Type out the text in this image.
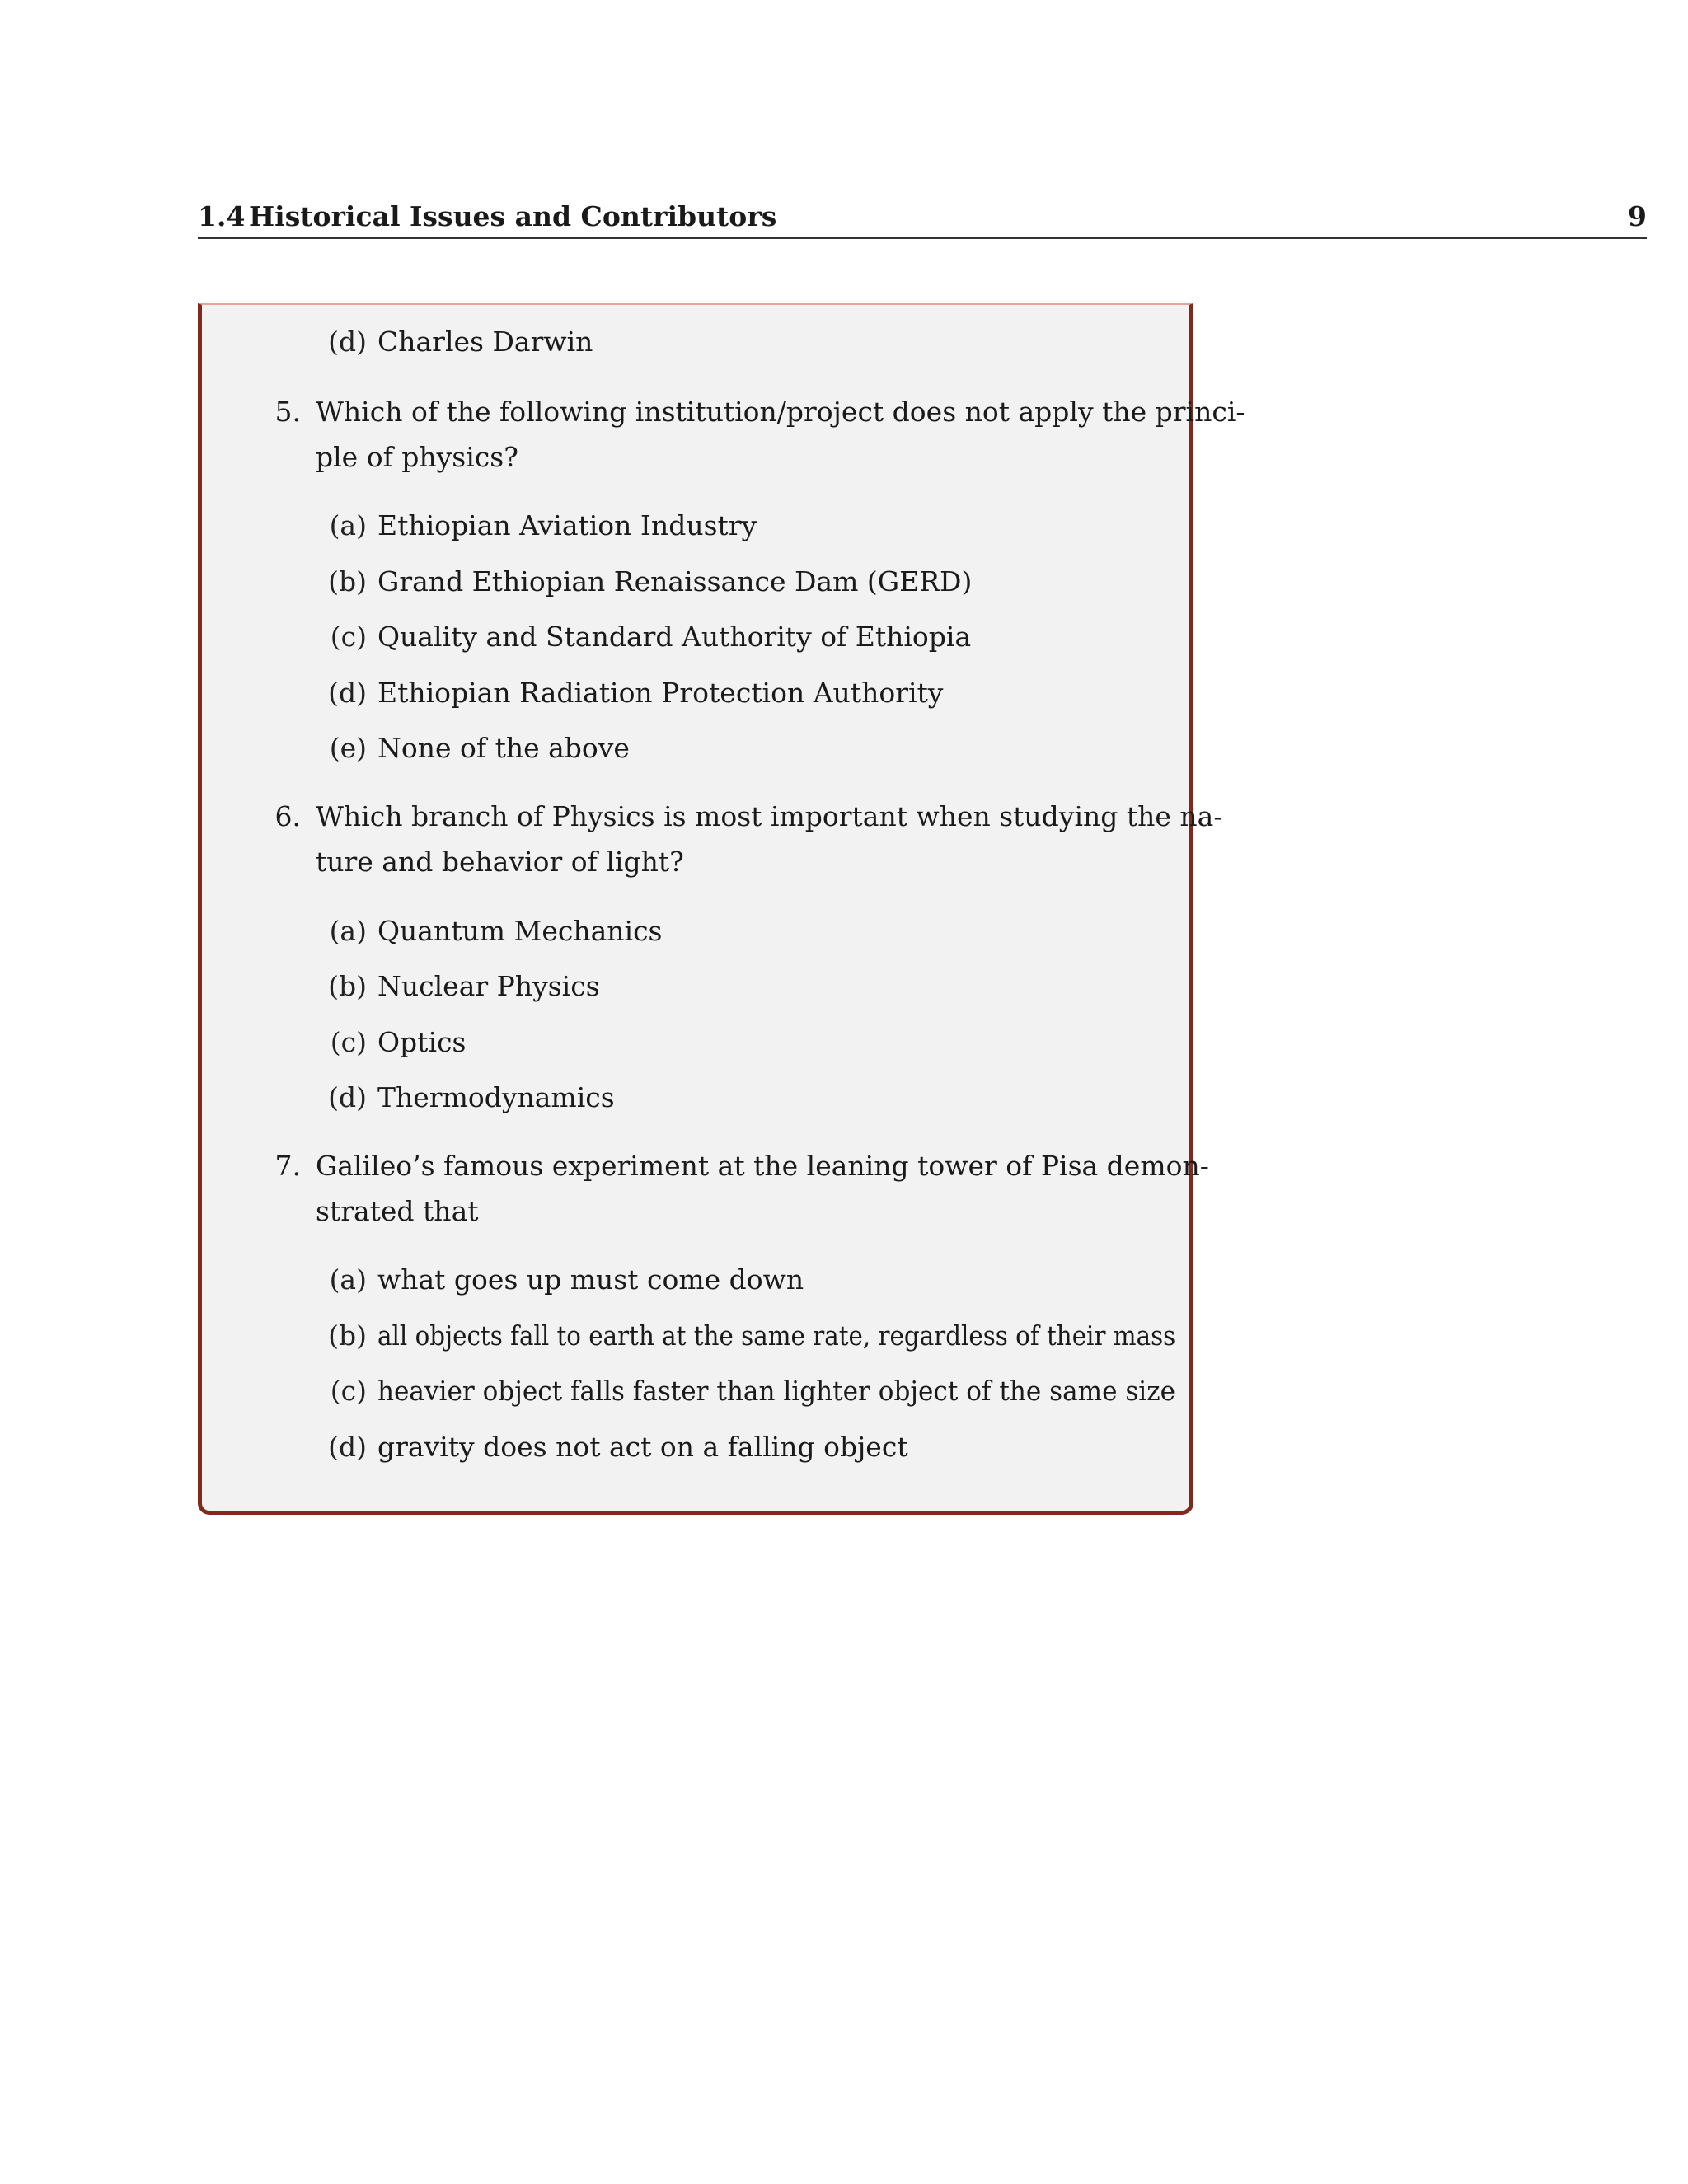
1.4 Historical Issues and Contributors	9
(d) Charles Darwin
5. Which of the following institution/project does not apply the princi-
ple of physics?
(a) Ethiopian Aviation Industry
(b) Grand Ethiopian Renaissance Dam (GERD)
(c) Quality and Standard Authority of Ethiopia
(d) Ethiopian Radiation Protection Authority
(e) None of the above
6. Which branch of Physics is most important when studying the na-
ture and behavior of light?
(a) Quantum Mechanics
(b) Nuclear Physics
(c) Optics
(d) Thermodynamics
7. Galileo’s famous experiment at the leaning tower of Pisa demon-
strated that
(a) what goes up must come down
(b) all objects fall to earth at the same rate, regardless of their mass
(c) heavier object falls faster than lighter object of the same size
(d) gravity does not act on a falling object
